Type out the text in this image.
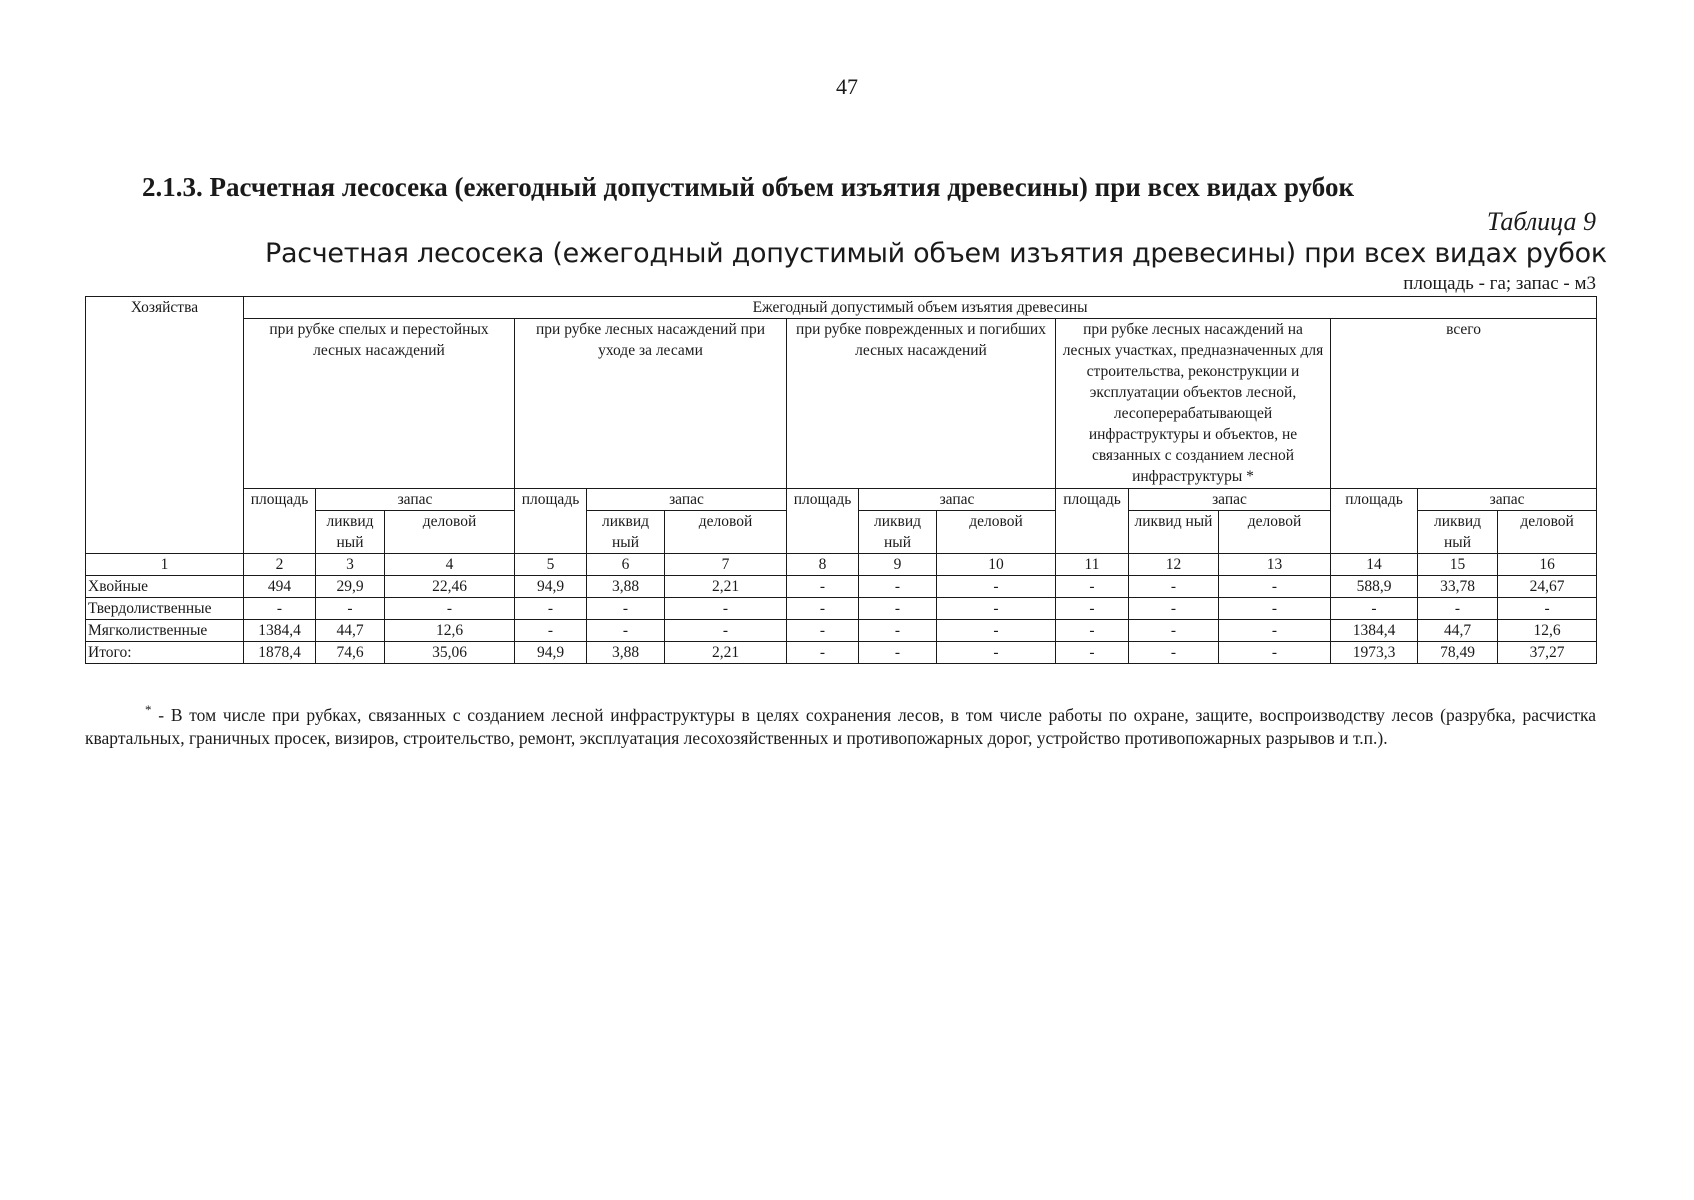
47
2.1.3. Расчетная лесосека (ежегодный допустимый объем изъятия древесины) при всех видах рубок
Таблица 9
Расчетная лесосека (ежегодный допустимый объем изъятия древесины) при всех видах рубок
площадь - га; запас - м3
Хозяйства	Ежегодный допустимый объем изъятия древесины														
	при рубке спелых и перестойных лесных насаждений			при рубке лесных насаждений при уходе за лесами			при рубке поврежденных и погибших лесных насаждений			при рубке лесных насаждений на лесных участках, предназначенных для строительства, реконструкции и эксплуатации объектов лесной, лесоперерабатывающей инфраструктуры и объектов, не связанных с созданием лесной инфраструктуры *			всего		
	площадь	запас		площадь	запас		площадь	запас		площадь	запас		площадь	запас	
		ликвид ный	деловой		ликвид ный	деловой		ликвид ный	деловой		ликвид ный	деловой		ликвид ный	деловой
1	2	3	4	5	6	7	8	9	10	11	12	13	14	15	16
Хвойные	494	29,9	22,46	94,9	3,88	2,21	-	-	-	-	-	-	588,9	33,78	24,67
Твердолиственные	-	-	-	-	-	-	-	-	-	-	-	-	-	-	-
Мягколиственные	1384,4	44,7	12,6	-	-	-	-	-	-	-	-	-	1384,4	44,7	12,6
Итого:	1878,4	74,6	35,06	94,9	3,88	2,21	-	-	-	-	-	-	1973,3	78,49	37,27
* - В том числе при рубках, связанных с созданием лесной инфраструктуры в целях сохранения лесов, в том числе работы по охране, защите, воспроизводству лесов (разрубка, расчистка квартальных, граничных просек, визиров, строительство, ремонт, эксплуатация лесохозяйственных и противопожарных дорог, устройство противопожарных разрывов и т.п.).
